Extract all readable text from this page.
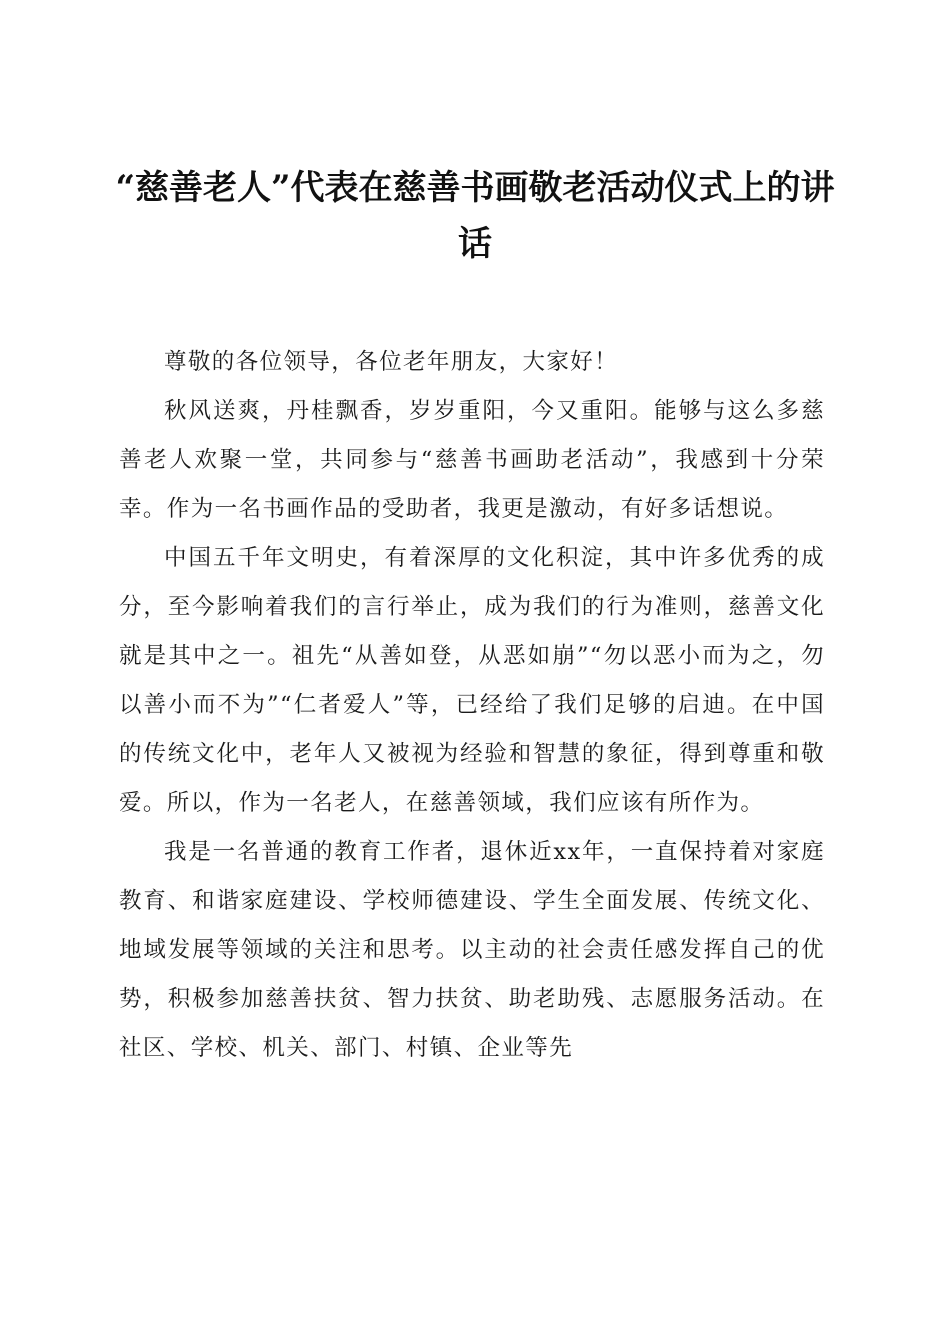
“慈善老人”代表在慈善书画敬老活动仪式上的讲话

尊敬的各位领导，各位老年朋友，大家好！

秋风送爽，丹桂飘香，岁岁重阳，今又重阳。能够与这么多慈善老人欢聚一堂，共同参与“慈善书画助老活动”，我感到十分荣幸。作为一名书画作品的受助者，我更是激动，有好多话想说。

中国五千年文明史，有着深厚的文化积淀，其中许多优秀的成分，至今影响着我们的言行举止，成为我们的行为准则，慈善文化就是其中之一。祖先“从善如登，从恶如崩”“勿以恶小而为之，勿以善小而不为”“仁者爱人”等，已经给了我们足够的启迪。在中国的传统文化中，老年人又被视为经验和智慧的象征，得到尊重和敬爱。所以，作为一名老人，在慈善领域，我们应该有所作为。

我是一名普通的教育工作者，退休近xx年，一直保持着对家庭教育、和谐家庭建设、学校师德建设、学生全面发展、传统文化、地域发展等领域的关注和思考。以主动的社会责任感发挥自己的优势，积极参加慈善扶贫、智力扶贫、助老助残、志愿服务活动。在社区、学校、机关、部门、村镇、企业等先
